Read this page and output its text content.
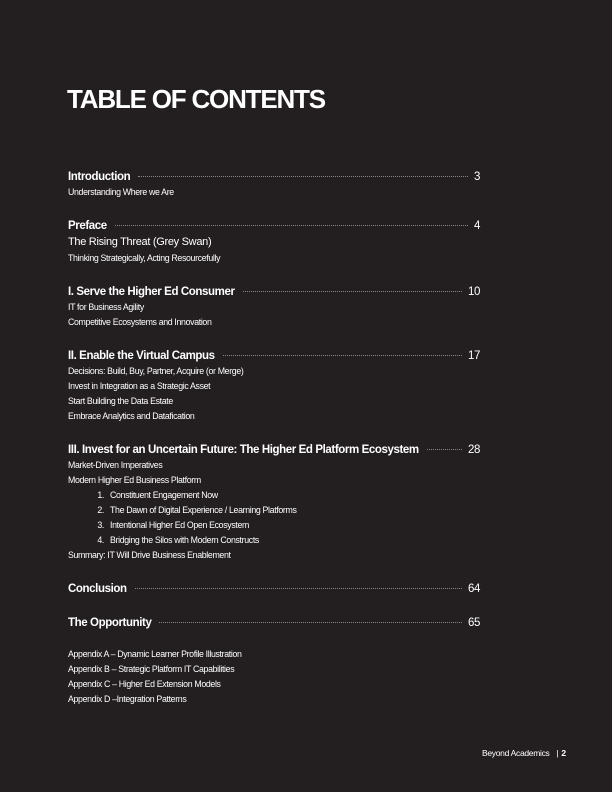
TABLE OF CONTENTS
Introduction	3
Understanding Where we Are
Preface	4
The Rising Threat (Grey Swan)
Thinking Strategically, Acting Resourcefully
I. Serve the Higher Ed Consumer	10
IT for Business Agility
Competitive Ecosystems and Innovation
II. Enable the Virtual Campus	17
Decisions: Build, Buy, Partner, Acquire (or Merge)
Invest in Integration as a Strategic Asset
Start Building the Data Estate
Embrace Analytics and Datafication
III. Invest for an Uncertain Future: The Higher Ed Platform Ecosystem	28
Market-Driven Imperatives
Modern Higher Ed Business Platform
1. Constituent Engagement Now
2. The Dawn of Digital Experience / Learning Platforms
3. Intentional Higher Ed Open Ecosystem
4. Bridging the Silos with Modern Constructs
Summary: IT Will Drive Business Enablement
Conclusion	64
The Opportunity	65
Appendix A – Dynamic Learner Profile Illustration
Appendix B – Strategic Platform IT Capabilities
Appendix C – Higher Ed Extension Models
Appendix D –Integration Patterns
Beyond Academics | 2
